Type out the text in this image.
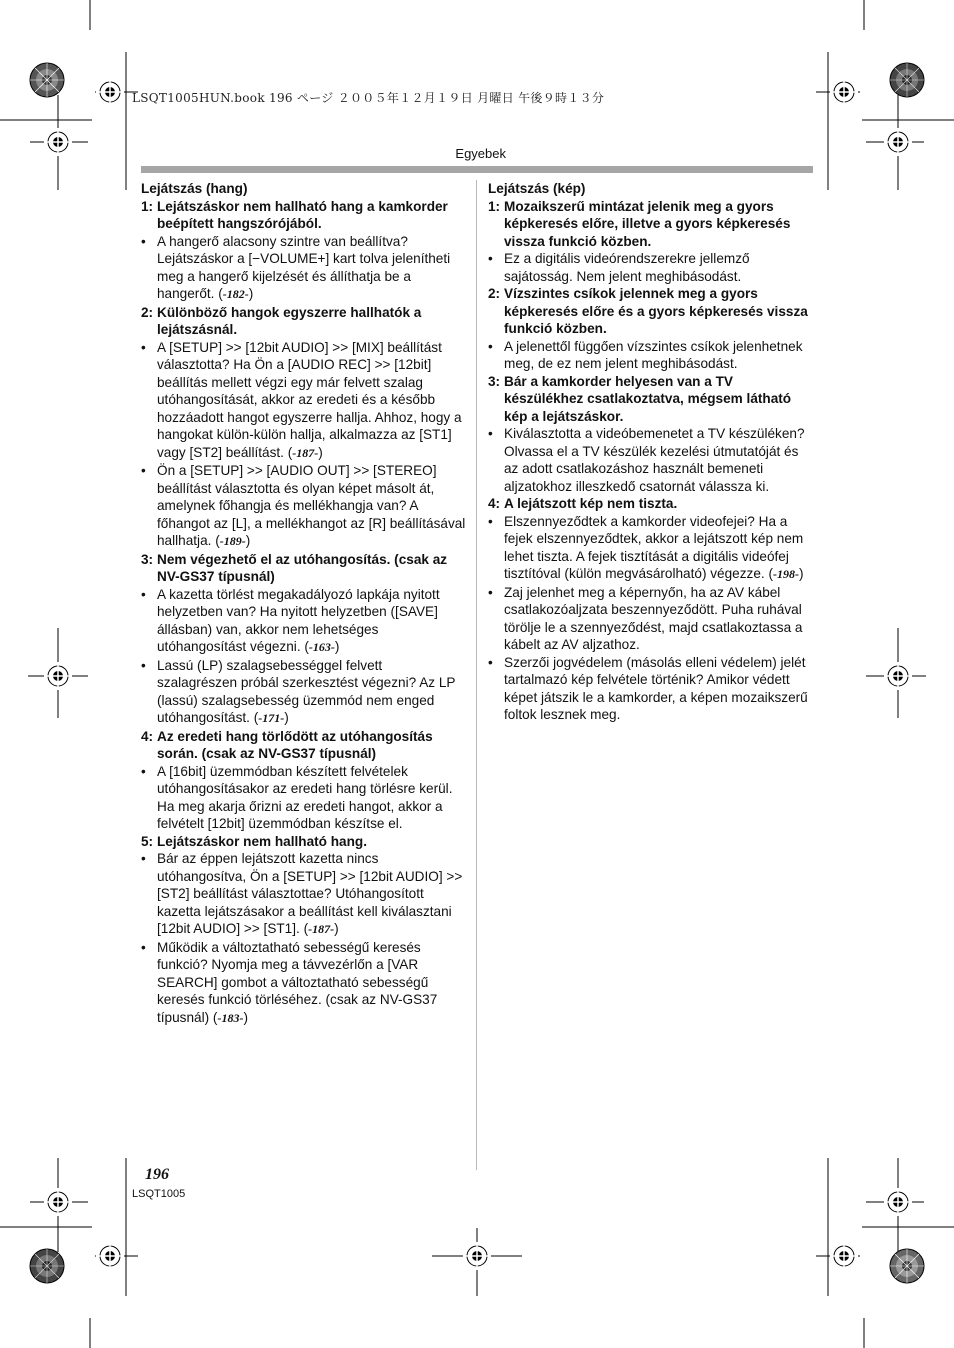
LSQT1005HUN.book 196 ページ ２００５年１２月１９日 月曜日 午後９時１３分
Egyebek

Lejátszás (hang)

1: Lejátszáskor nem hallható hang a kamkorder beépített hangszórójából.
• A hangerő alacsony szintre van beállítva? Lejátszáskor a [−VOLUME+] kart tolva jelenítheti meg a hangerő kijelzését és állíthatja be a hangerőt. (-182-)
2: Különböző hangok egyszerre hallhatók a lejátszásnál.
• A [SETUP] >> [12bit AUDIO] >> [MIX] beállítást választotta? Ha Ön a [AUDIO REC] >> [12bit] beállítás mellett végzi egy már felvett szalag utóhangosítását, akkor az eredeti és a később hozzáadott hangot egyszerre hallja. Ahhoz, hogy a hangokat külön-külön hallja, alkalmazza az [ST1] vagy [ST2] beállítást. (-187-)
• Ön a [SETUP] >> [AUDIO OUT] >> [STEREO] beállítást választotta és olyan képet másolt át, amelynek főhangja és mellékhangja van? A főhangot az [L], a mellékhangot az [R] beállításával hallhatja. (-189-)
3: Nem végezhető el az utóhangosítás. (csak az NV-GS37 típusnál)
• A kazetta törlést megakadályozó lapkája nyitott helyzetben van? Ha nyitott helyzetben ([SAVE] állásban) van, akkor nem lehetséges utóhangosítást végezni. (-163-)
• Lassú (LP) szalagsebességgel felvett szalagrészen próbál szerkesztést végezni? Az LP (lassú) szalagsebesség üzemmód nem enged utóhangosítást. (-171-)
4: Az eredeti hang törlődött az utóhangosítás során. (csak az NV-GS37 típusnál)
• A [16bit] üzemmódban készített felvételek utóhangosításakor az eredeti hang törlésre kerül. Ha meg akarja őrizni az eredeti hangot, akkor a felvételt [12bit] üzemmódban készítse el.
5: Lejátszáskor nem hallható hang.
• Bár az éppen lejátszott kazetta nincs utóhangosítva, Ön a [SETUP] >> [12bit AUDIO] >> [ST2] beállítást választottae? Utóhangosított kazetta lejátszásakor a beállítást kell kiválasztani [12bit AUDIO] >> [ST1]. (-187-)
• Működik a változtatható sebességű keresés funkció? Nyomja meg a távvezérlőn a [VAR SEARCH] gombot a változtatható sebességű keresés funkció törléséhez. (csak az NV-GS37 típusnál) (-183-)

Lejátszás (kép)

1: Mozaikszerű mintázat jelenik meg a gyors képkeresés előre, illetve a gyors képkeresés vissza funkció közben.
• Ez a digitális videórendszerekre jellemző sajátosság. Nem jelent meghibásodást.
2: Vízszintes csíkok jelennek meg a gyors képkeresés előre és a gyors képkeresés vissza funkció közben.
• A jelenettől függően vízszintes csíkok jelenhetnek meg, de ez nem jelent meghibásodást.
3: Bár a kamkorder helyesen van a TV készülékhez csatlakoztatva, mégsem látható kép a lejátszáskor.
• Kiválasztotta a videóbemenetet a TV készüléken? Olvassa el a TV készülék kezelési útmutatóját és az adott csatlakozáshoz használt bemeneti aljzatokhoz illeszkedő csatornát válassza ki.
4: A lejátszott kép nem tiszta.
• Elszennyeződtek a kamkorder videofejei? Ha a fejek elszennyeződtek, akkor a lejátszott kép nem lehet tiszta. A fejek tisztítását a digitális videófej tisztítóval (külön megvásárolható) végezze. (-198-)
• Zaj jelenhet meg a képernyőn, ha az AV kábel csatlakozóaljzata beszennyeződött. Puha ruhával törölje le a szennyeződést, majd csatlakoztassa a kábelt az AV aljzathoz.
• Szerzői jogvédelem (másolás elleni védelem) jelét tartalmazó kép felvétele történik? Amikor védett képet játszik le a kamkorder, a képen mozaikszerű foltok lesznek meg.
196
LSQT1005
